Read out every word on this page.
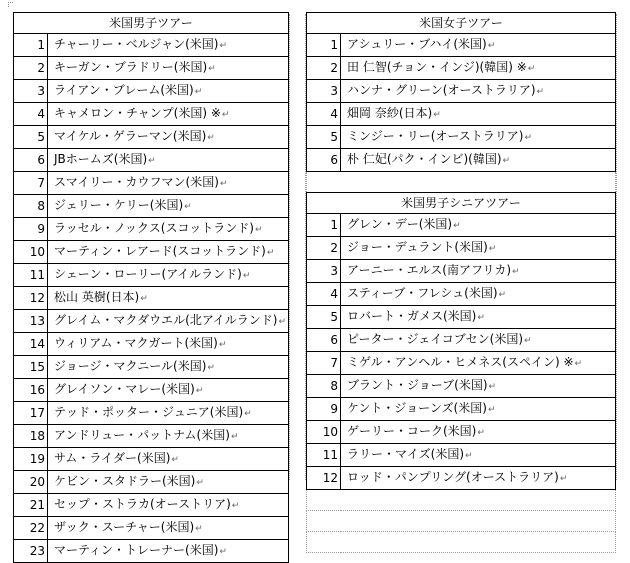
米国男子ツアー	
1	チャーリー・ベルジャン(米国)↵
2	キーガン・ブラドリー(米国)↵
3	ライアン・ブレーム(米国)↵
4	キャメロン・チャンプ(米国) ※↵
5	マイケル・ゲラーマン(米国)↵
6	JBホームズ(米国)↵
7	スマイリー・カウフマン(米国)↵
8	ジェリー・ケリー(米国)↵
9	ラッセル・ノックス(スコットランド)↵
10	マーティン・レアード(スコットランド)↵
11	シェーン・ローリー(アイルランド)↵
12	松山 英樹(日本)↵
13	グレイム・マクダウエル(北アイルランド)↵
14	ウィリアム・マクガート(米国)↵
15	ジョージ・マクニール(米国)↵
16	グレイソン・マレー(米国)↵
17	テッド・ポッター・ジュニア(米国)↵
18	アンドリュー・パットナム(米国)↵
19	サム・ライダー(米国)↵
20	ケビン・スタドラー(米国)↵
21	セップ・ストラカ(オーストリア)↵
22	ザック・スーチャー(米国)↵
23	マーティン・トレーナー(米国)↵
米国女子ツアー	
1	アシュリー・ブハイ(米国)↵
2	田 仁智(チョン・インジ)(韓国) ※↵
3	ハンナ・グリーン(オーストラリア)↵
4	畑岡 奈紗(日本)↵
5	ミンジー・リー(オーストラリア)↵
6	朴 仁妃(パク・インビ)(韓国)↵

米国男子シニアツアー	
1	グレン・デー(米国)↵
2	ジョー・デュラント(米国)↵
3	アーニー・エルス(南アフリカ)↵
4	スティーブ・フレシュ(米国)↵
5	ロバート・ガメス(米国)↵
6	ピーター・ジェイコブセン(米国)↵
7	ミゲル・アンヘル・ヒメネス(スペイン) ※↵
8	ブラント・ジョーブ(米国)↵
9	ケント・ジョーンズ(米国)↵
10	ゲーリー・コーク(米国)↵
11	ラリー・マイズ(米国)↵
12	ロッド・パンプリング(オーストラリア)↵
